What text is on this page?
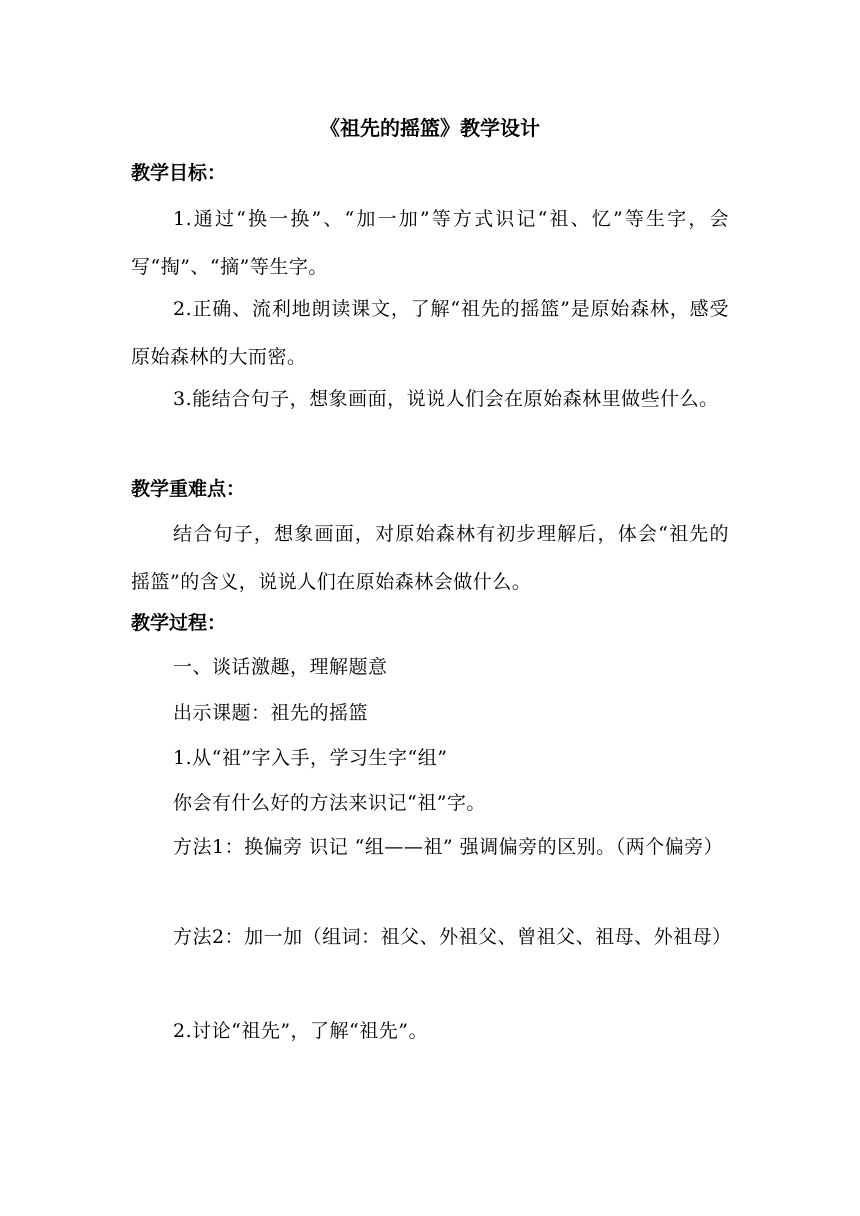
《祖先的摇篮》教学设计
教学目标：
1.通过“换一换”、“加一加”等方式识记“祖、忆”等生字，会写“掏”、“摘”等生字。
2.正确、流利地朗读课文，了解“祖先的摇篮”是原始森林，感受原始森林的大而密。
3.能结合句子，想象画面，说说人们会在原始森林里做些什么。
教学重难点：
结合句子，想象画面，对原始森林有初步理解后，体会“祖先的摇篮”的含义，说说人们在原始森林会做什么。
教学过程：
一、谈话激趣，理解题意
出示课题：祖先的摇篮
1.从“祖”字入手，学习生字“组”
你会有什么好的方法来识记“祖”字。
方法1：换偏旁 识记 “组——祖” 强调偏旁的区别。（两个偏旁）
方法2：加一加（组词：祖父、外祖父、曾祖父、祖母、外祖母）
2.讨论“祖先”，了解“祖先”。
